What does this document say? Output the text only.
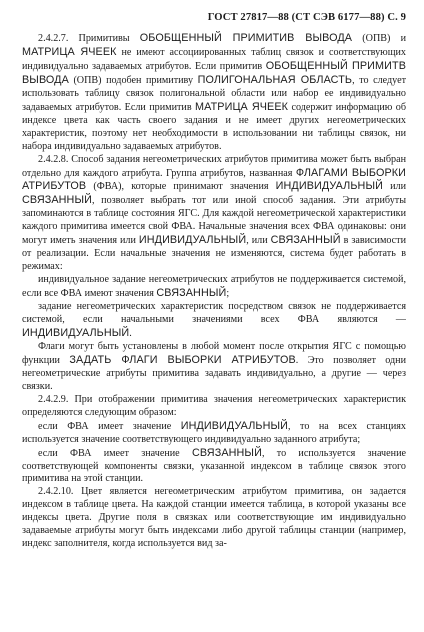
ГОСТ 27817—88 (СТ СЭВ 6177—88) С. 9

2.4.2.7. Примитивы ОБОБЩЕННЫЙ ПРИМИТИВ ВЫВОДА (ОПВ) и МАТРИЦА ЯЧЕЕК не имеют ассоциированных таблиц связок и соответствующих индивидуально задаваемых атрибутов. Если примитив ОБОБЩЕННЫЙ ПРИМИТВ ВЫВОДА (ОПВ) подобен примитиву ПОЛИГОНАЛЬНАЯ ОБЛАСТЬ, то следует использовать таблицу связок полигональной области или набор ее индивидуально задаваемых атрибутов. Если примитив МАТРИЦА ЯЧЕЕК содержит информацию об индексе цвета как часть своего задания и не имеет других негеометрических характеристик, поэтому нет необходимости в использовании ни таблицы связок, ни набора индивидуально задаваемых атрибутов.

2.4.2.8. Способ задания негеометрических атрибутов примитива может быть выбран отдельно для каждого атрибута. Группа атрибутов, названная ФЛАГАМИ ВЫБОРКИ АТРИБУТОВ (ФВА), которые принимают значения ИНДИВИДУАЛЬНЫЙ или СВЯЗАННЫЙ, позволяет выбрать тот или иной способ задания. Эти атрибуты запоминаются в таблице состояния ЯГС. Для каждой негеометрической характеристики каждого примитива имеется свой ФВА. Начальные значения всех ФВА одинаковы: они могут иметь значения или ИНДИВИДУАЛЬНЫЙ, или СВЯЗАННЫЙ в зависимости от реализации. Если начальные значения не изменяются, система будет работать в режимах:

индивидуальное задание негеометрических атрибутов не поддерживается системой, если все ФВА имеют значения СВЯЗАННЫЙ;

задание негеометрических характеристик посредством связок не поддерживается системой, если начальными значениями всех ФВА являются — ИНДИВИДУАЛЬНЫЙ.

Флаги могут быть установлены в любой момент после открытия ЯГС с помощью функции ЗАДАТЬ ФЛАГИ ВЫБОРКИ АТРИБУТОВ. Это позволяет одни негеометрические атрибуты примитива задавать индивидуально, а другие — через связки.

2.4.2.9. При отображении примитива значения негеометрических характеристик определяются следующим образом:

если ФВА имеет значение ИНДИВИДУАЛЬНЫЙ, то на всех станциях используется значение соответствующего индивидуально заданного атрибута;

если ФВА имеет значение СВЯЗАННЫЙ, то используется значение соответствующей компоненты связки, указанной индексом в таблице связок этого примитива на этой станции.

2.4.2.10. Цвет является негеометрическим атрибутом примитива, он задается индексом в таблице цвета. На каждой станции имеется таблица, в которой указаны все индексы цвета. Другие поля в связках или соответствующие им индивидуально задаваемые атрибуты могут быть индексами либо другой таблицы станции (например, индекс заполнителя, когда используется вид за-
